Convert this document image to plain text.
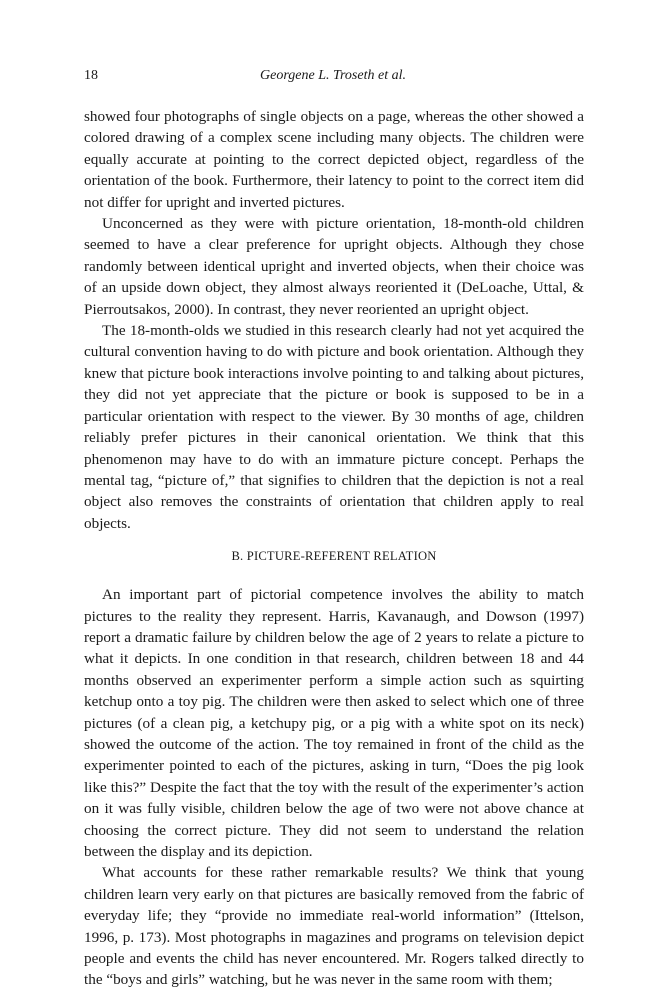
18	Georgene L. Troseth et al.

showed four photographs of single objects on a page, whereas the other showed a colored drawing of a complex scene including many objects. The children were equally accurate at pointing to the correct depicted object, regardless of the orientation of the book. Furthermore, their latency to point to the correct item did not differ for upright and inverted pictures.

Unconcerned as they were with picture orientation, 18-month-old children seemed to have a clear preference for upright objects. Although they chose randomly between identical upright and inverted objects, when their choice was of an upside down object, they almost always reoriented it (DeLoache, Uttal, & Pierroutsakos, 2000). In contrast, they never reoriented an upright object.

The 18-month-olds we studied in this research clearly had not yet acquired the cultural convention having to do with picture and book orientation. Although they knew that picture book interactions involve pointing to and talking about pictures, they did not yet appreciate that the picture or book is supposed to be in a particular orientation with respect to the viewer. By 30 months of age, children reliably prefer pictures in their canonical orientation. We think that this phenomenon may have to do with an immature picture concept. Perhaps the mental tag, “picture of,” that signifies to children that the depiction is not a real object also removes the constraints of orientation that children apply to real objects.

B. PICTURE-REFERENT RELATION

An important part of pictorial competence involves the ability to match pictures to the reality they represent. Harris, Kavanaugh, and Dowson (1997) report a dramatic failure by children below the age of 2 years to relate a picture to what it depicts. In one condition in that research, children between 18 and 44 months observed an experimenter perform a simple action such as squirting ketchup onto a toy pig. The children were then asked to select which one of three pictures (of a clean pig, a ketchupy pig, or a pig with a white spot on its neck) showed the outcome of the action. The toy remained in front of the child as the experimenter pointed to each of the pictures, asking in turn, “Does the pig look like this?” Despite the fact that the toy with the result of the experimenter’s action on it was fully visible, children below the age of two were not above chance at choosing the correct picture. They did not seem to understand the relation between the display and its depiction.

What accounts for these rather remarkable results? We think that young children learn very early on that pictures are basically removed from the fabric of everyday life; they “provide no immediate real-world information” (Ittelson, 1996, p. 173). Most photographs in magazines and programs on television depict people and events the child has never encountered. Mr. Rogers talked directly to the “boys and girls” watching, but he was never in the same room with them;
